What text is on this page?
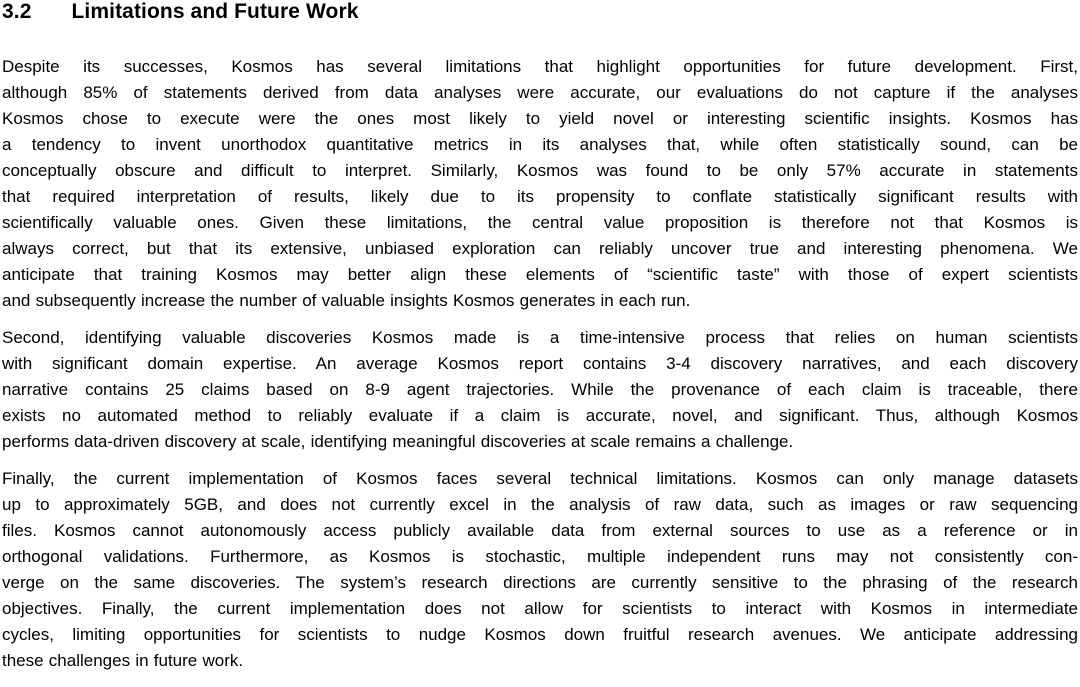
3.2 Limitations and Future Work
Despite its successes, Kosmos has several limitations that highlight opportunities for future development. First,
although 85% of statements derived from data analyses were accurate, our evaluations do not capture if the analyses
Kosmos chose to execute were the ones most likely to yield novel or interesting scientific insights. Kosmos has
a tendency to invent unorthodox quantitative metrics in its analyses that, while often statistically sound, can be
conceptually obscure and difficult to interpret. Similarly, Kosmos was found to be only 57% accurate in statements
that required interpretation of results, likely due to its propensity to conflate statistically significant results with
scientifically valuable ones. Given these limitations, the central value proposition is therefore not that Kosmos is
always correct, but that its extensive, unbiased exploration can reliably uncover true and interesting phenomena. We
anticipate that training Kosmos may better align these elements of “scientific taste” with those of expert scientists
and subsequently increase the number of valuable insights Kosmos generates in each run.
Second, identifying valuable discoveries Kosmos made is a time-intensive process that relies on human scientists
with significant domain expertise. An average Kosmos report contains 3-4 discovery narratives, and each discovery
narrative contains 25 claims based on 8-9 agent trajectories. While the provenance of each claim is traceable, there
exists no automated method to reliably evaluate if a claim is accurate, novel, and significant. Thus, although Kosmos
performs data-driven discovery at scale, identifying meaningful discoveries at scale remains a challenge.
Finally, the current implementation of Kosmos faces several technical limitations. Kosmos can only manage datasets
up to approximately 5GB, and does not currently excel in the analysis of raw data, such as images or raw sequencing
files. Kosmos cannot autonomously access publicly available data from external sources to use as a reference or in
orthogonal validations. Furthermore, as Kosmos is stochastic, multiple independent runs may not consistently con-
verge on the same discoveries. The system’s research directions are currently sensitive to the phrasing of the research
objectives. Finally, the current implementation does not allow for scientists to interact with Kosmos in intermediate
cycles, limiting opportunities for scientists to nudge Kosmos down fruitful research avenues. We anticipate addressing
these challenges in future work.
